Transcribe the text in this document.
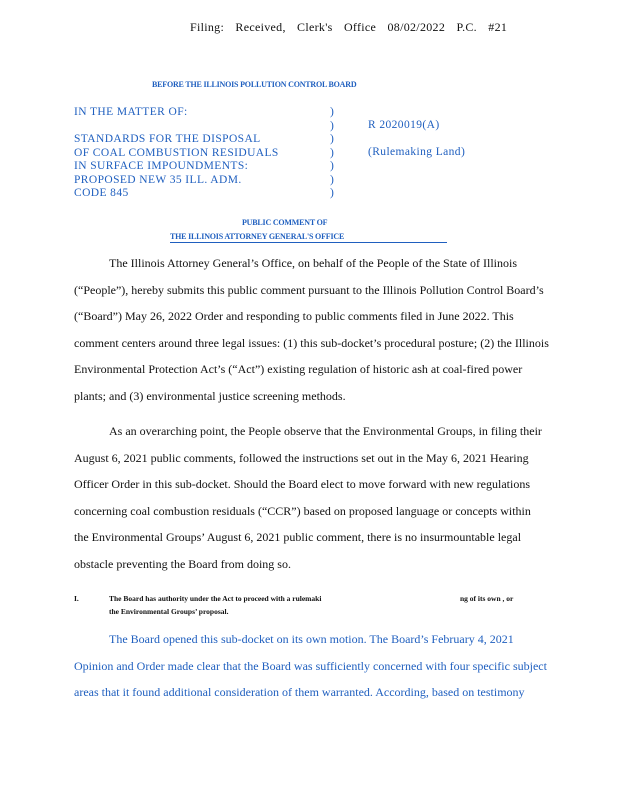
Filing: Received, Clerk's Office 08/02/2022 P.C. #21
BEFORE THE ILLINOIS POLLUTION CONTROL BOARD
IN THE MATTER OF:
STANDARDS FOR THE DISPOSAL
OF COAL COMBUSTION RESIDUALS
IN SURFACE IMPOUNDMENTS:
PROPOSED NEW 35 ILL. ADM.
CODE 845
)
)
)
)
)
)
)
R 2020019(A)
(Rulemaking Land)
PUBLIC COMMENT OF
THE ILLINOIS ATTORNEY GENERAL'S OFFICE

The Illinois Attorney General’s Office, on behalf of the People of the State of Illinois

(“People”), hereby submits this public comment pursuant to the Illinois Pollution Control Board’s

(“Board”) May 26, 2022 Order and responding to public comments filed in June 2022. This

comment centers around three legal issues: (1) this sub-docket’s procedural posture; (2) the Illinois

Environmental Protection Act’s (“Act”) existing regulation of historic ash at coal-fired power

plants; and (3) environmental justice screening methods.

As an overarching point, the People observe that the Environmental Groups, in filing their

August 6, 2021 public comments, followed the instructions set out in the May 6, 2021 Hearing

Officer Order in this sub-docket. Should the Board elect to move forward with new regulations

concerning coal combustion residuals (“CCR”) based on proposed language or concepts within

the Environmental Groups’ August 6, 2021 public comment, there is no insurmountable legal

obstacle preventing the Board from doing so.

I.	The Board has authority under the Act to proceed with a rulemaki	ng of its own , or
the Environmental Groups’ proposal.

The Board opened this sub-docket on its own motion. The Board’s February 4, 2021

Opinion and Order made clear that the Board was sufficiently concerned with four specific subject

areas that it found additional consideration of them warranted. According, based on testimony
